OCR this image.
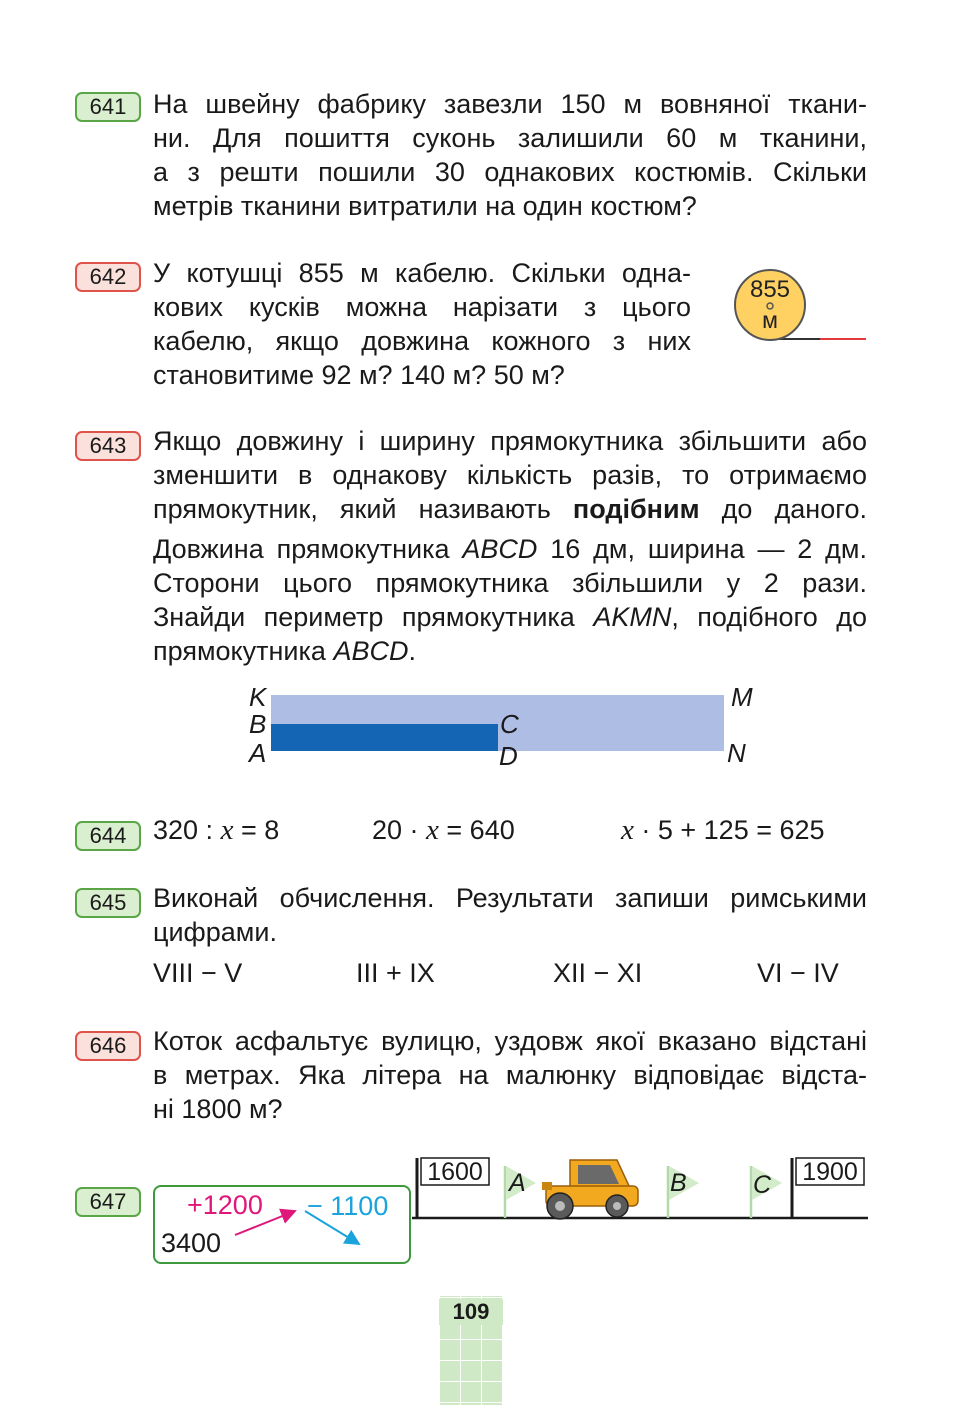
641 На швейну фабрику завезли 150 м вовняної ткани-
ни. Для пошиття суконь залишили 60 м тканини,
а з решти пошили 30 однакових костюмів. Скільки
метрів тканини витратили на один костюм?
642 У котушці 855 м кабелю. Скільки одна-
кових кусків можна нарізати з цього
кабелю, якщо довжина кожного з них
становитиме 92 м? 140 м? 50 м?
855
м
643 Якщо довжину і ширину прямокутника збільшити або
зменшити в однакову кількість разів, то отримаємо
прямокутник, який називають подібним до даного.
Довжина прямокутника ABCD 16 дм, ширина — 2 дм.
Сторони цього прямокутника збільшили у 2 рази.
Знайди периметр прямокутника AKMN, подібного до
прямокутника ABCD.
K
B
A
C
D
M
N
644 320 : x = 8	20 · x = 640	x · 5 + 125 = 625
645 Виконай обчислення. Результати запиши римськими
цифрами.
VIII − V	III + IX	XII − XI	VI − IV
646 Коток асфальтує вулицю, уздовж якої вказано відстані
в метрах. Яка літера на малюнку відповідає відста-
ні 1800 м?
1600	1900
A	B	C
647
3400
+1200 − 1100
109
